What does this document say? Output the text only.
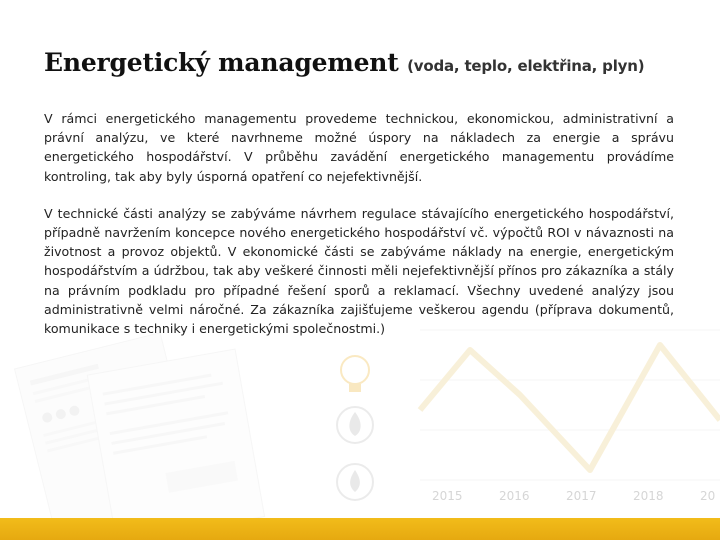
2015	2016	2017	2018	20
Energetický management (voda, teplo, elektřina, plyn)

V rámci energetického managementu provedeme technickou, ekonomickou, administrativní a právní analýzu, ve které navrhneme možné úspory na nákladech za energie a správu energetického hospodářství. V průběhu zavádění energetického managementu provádíme kontroling, tak aby byly úsporná opatření co nejefektivnější.

V technické části analýzy se zabýváme návrhem regulace stávajícího energetického hospodářství, případně navržením koncepce nového energetického hospodářství vč. výpočtů ROI v návaznosti na životnost a provoz objektů. V ekonomické části se zabýváme náklady na energie, energetickým hospodářstvím a údržbou, tak aby veškeré činnosti měli nejefektivnější přínos pro zákazníka a stály na právním podkladu pro případné řešení sporů a reklamací. Všechny uvedené analýzy jsou administrativně velmi náročné. Za zákazníka zajišťujeme veškerou agendu (příprava dokumentů, komunikace s techniky i energetickými společnostmi.)
